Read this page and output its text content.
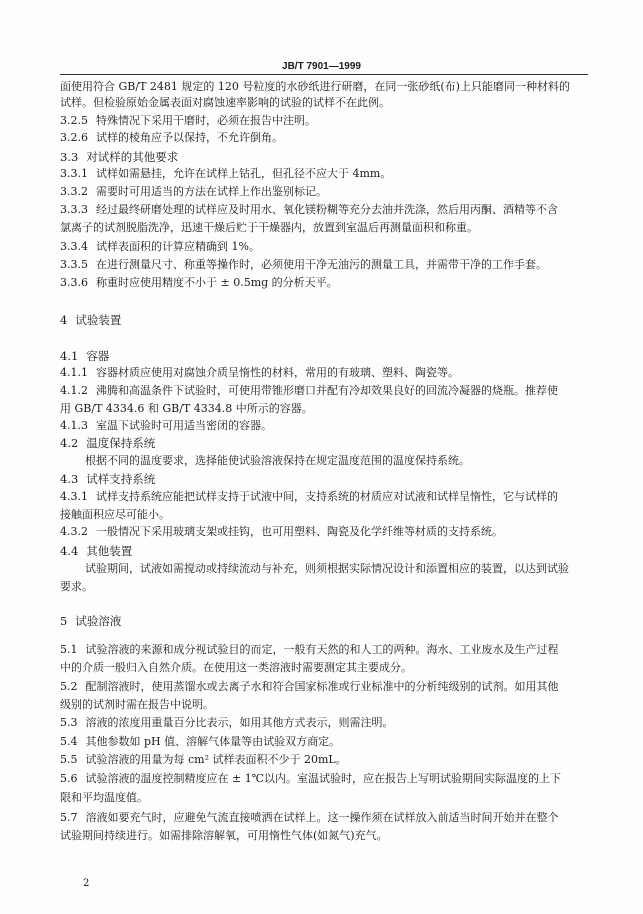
JB/T 7901—1999
面使用符合 GB/T 2481 规定的 120 号粒度的水砂纸进行研磨，在同一张砂纸(布)上只能磨同一种材料的
试样。但检验原始金属表面对腐蚀速率影响的试验的试样不在此例。
3.2.5 特殊情况下采用干磨时，必须在报告中注明。
3.2.6 试样的棱角应予以保持，不允许倒角。
3.3 对试样的其他要求
3.3.1 试样如需悬挂，允许在试样上钻孔，但孔径不应大于 4mm。
3.3.2 需要时可用适当的方法在试样上作出鉴别标记。
3.3.3 经过最终研磨处理的试样应及时用水、氧化镁粉糊等充分去油并洗涤，然后用丙酮、酒精等不含
氯离子的试剂脱脂洗净，迅速干燥后贮于干燥器内，放置到室温后再测量面积和称重。
3.3.4 试样表面积的计算应精确到 1%。
3.3.5 在进行测量尺寸、称重等操作时，必须使用干净无油污的测量工具，并需带干净的工作手套。
3.3.6 称重时应使用精度不小于 ± 0.5mg 的分析天平。
4 试验装置
4.1 容器
4.1.1 容器材质应使用对腐蚀介质呈惰性的材料，常用的有玻璃、塑料、陶瓷等。
4.1.2 沸腾和高温条件下试验时，可使用带锥形磨口并配有冷却效果良好的回流冷凝器的烧瓶。推荐使
用 GB/T 4334.6 和 GB/T 4334.8 中所示的容器。
4.1.3 室温下试验时可用适当密闭的容器。
4.2 温度保持系统
根据不同的温度要求，选择能使试验溶液保持在规定温度范围的温度保持系统。
4.3 试样支持系统
4.3.1 试样支持系统应能把试样支持于试液中间，支持系统的材质应对试液和试样呈惰性，它与试样的
接触面积应尽可能小。
4.3.2 一般情况下采用玻璃支架或挂钩，也可用塑料、陶瓷及化学纤维等材质的支持系统。
4.4 其他装置
试验期间，试液如需搅动或持续流动与补充，则须根据实际情况设计和添置相应的装置，以达到试验
要求。
5 试验溶液
5.1 试验溶液的来源和成分视试验目的而定，一般有天然的和人工的两种。海水、工业废水及生产过程
中的介质一般归入自然介质。在使用这一类溶液时需要测定其主要成分。
5.2 配制溶液时，使用蒸馏水或去离子水和符合国家标准或行业标准中的分析纯级别的试剂。如用其他
级别的试剂时需在报告中说明。
5.3 溶液的浓度用重量百分比表示，如用其他方式表示，则需注明。
5.4 其他参数如 pH 值、溶解气体量等由试验双方商定。
5.5 试验溶液的用量为每 cm² 试样表面积不少于 20mL。
5.6 试验溶液的温度控制精度应在 ± 1℃以内。室温试验时，应在报告上写明试验期间实际温度的上下
限和平均温度值。
5.7 溶液如要充气时，应避免气流直接喷洒在试样上。这一操作须在试样放入前适当时间开始并在整个
试验期间持续进行。如需排除溶解氧，可用惰性气体(如氮气)充气。
2
